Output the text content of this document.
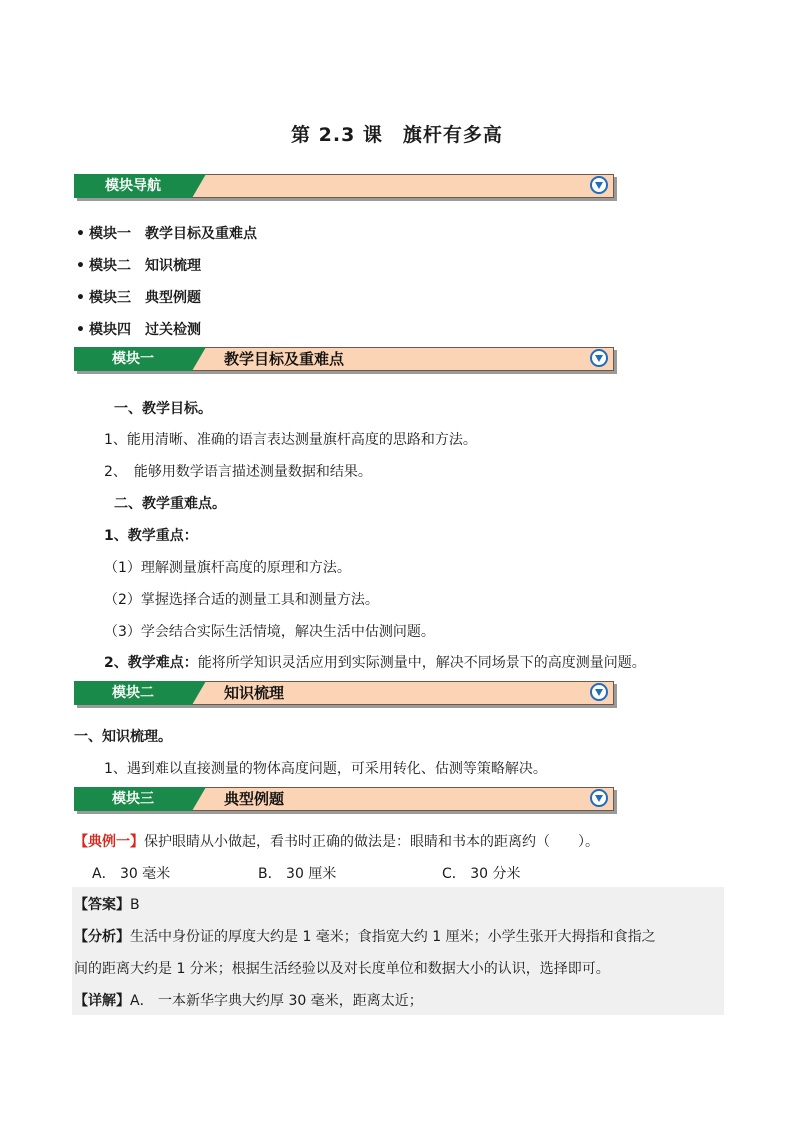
第 2.3 课　旗杆有多高
模块导航
• 模块一 教学目标及重难点
• 模块二 知识梳理
• 模块三 典型例题
• 模块四 过关检测
模块一	教学目标及重难点
一、教学目标。
1、能用清晰、准确的语言表达测量旗杆高度的思路和方法。
2、　能够用数学语言描述测量数据和结果。
二、教学重难点。
1、教学重点：
（1）理解测量旗杆高度的原理和方法。
（2）掌握选择合适的测量工具和测量方法。
（3）学会结合实际生活情境，解决生活中估测问题。
2、教学难点：能将所学知识灵活应用到实际测量中，解决不同场景下的高度测量问题。
模块二	知识梳理
一、知识梳理。
1、遇到难以直接测量的物体高度问题，可采用转化、估测等策略解决。
模块三	典型例题
【典例一】保护眼睛从小做起，看书时正确的做法是：眼睛和书本的距离约（　　）。
A． 30 毫米	B． 30 厘米	C． 30 分米
【答案】B
【分析】生活中身份证的厚度大约是 1 毫米；食指宽大约 1 厘米；小学生张开大拇指和食指之
间的距离大约是 1 分米；根据生活经验以及对长度单位和数据大小的认识，选择即可。
【详解】A． 一本新华字典大约厚 30 毫米，距离太近；
